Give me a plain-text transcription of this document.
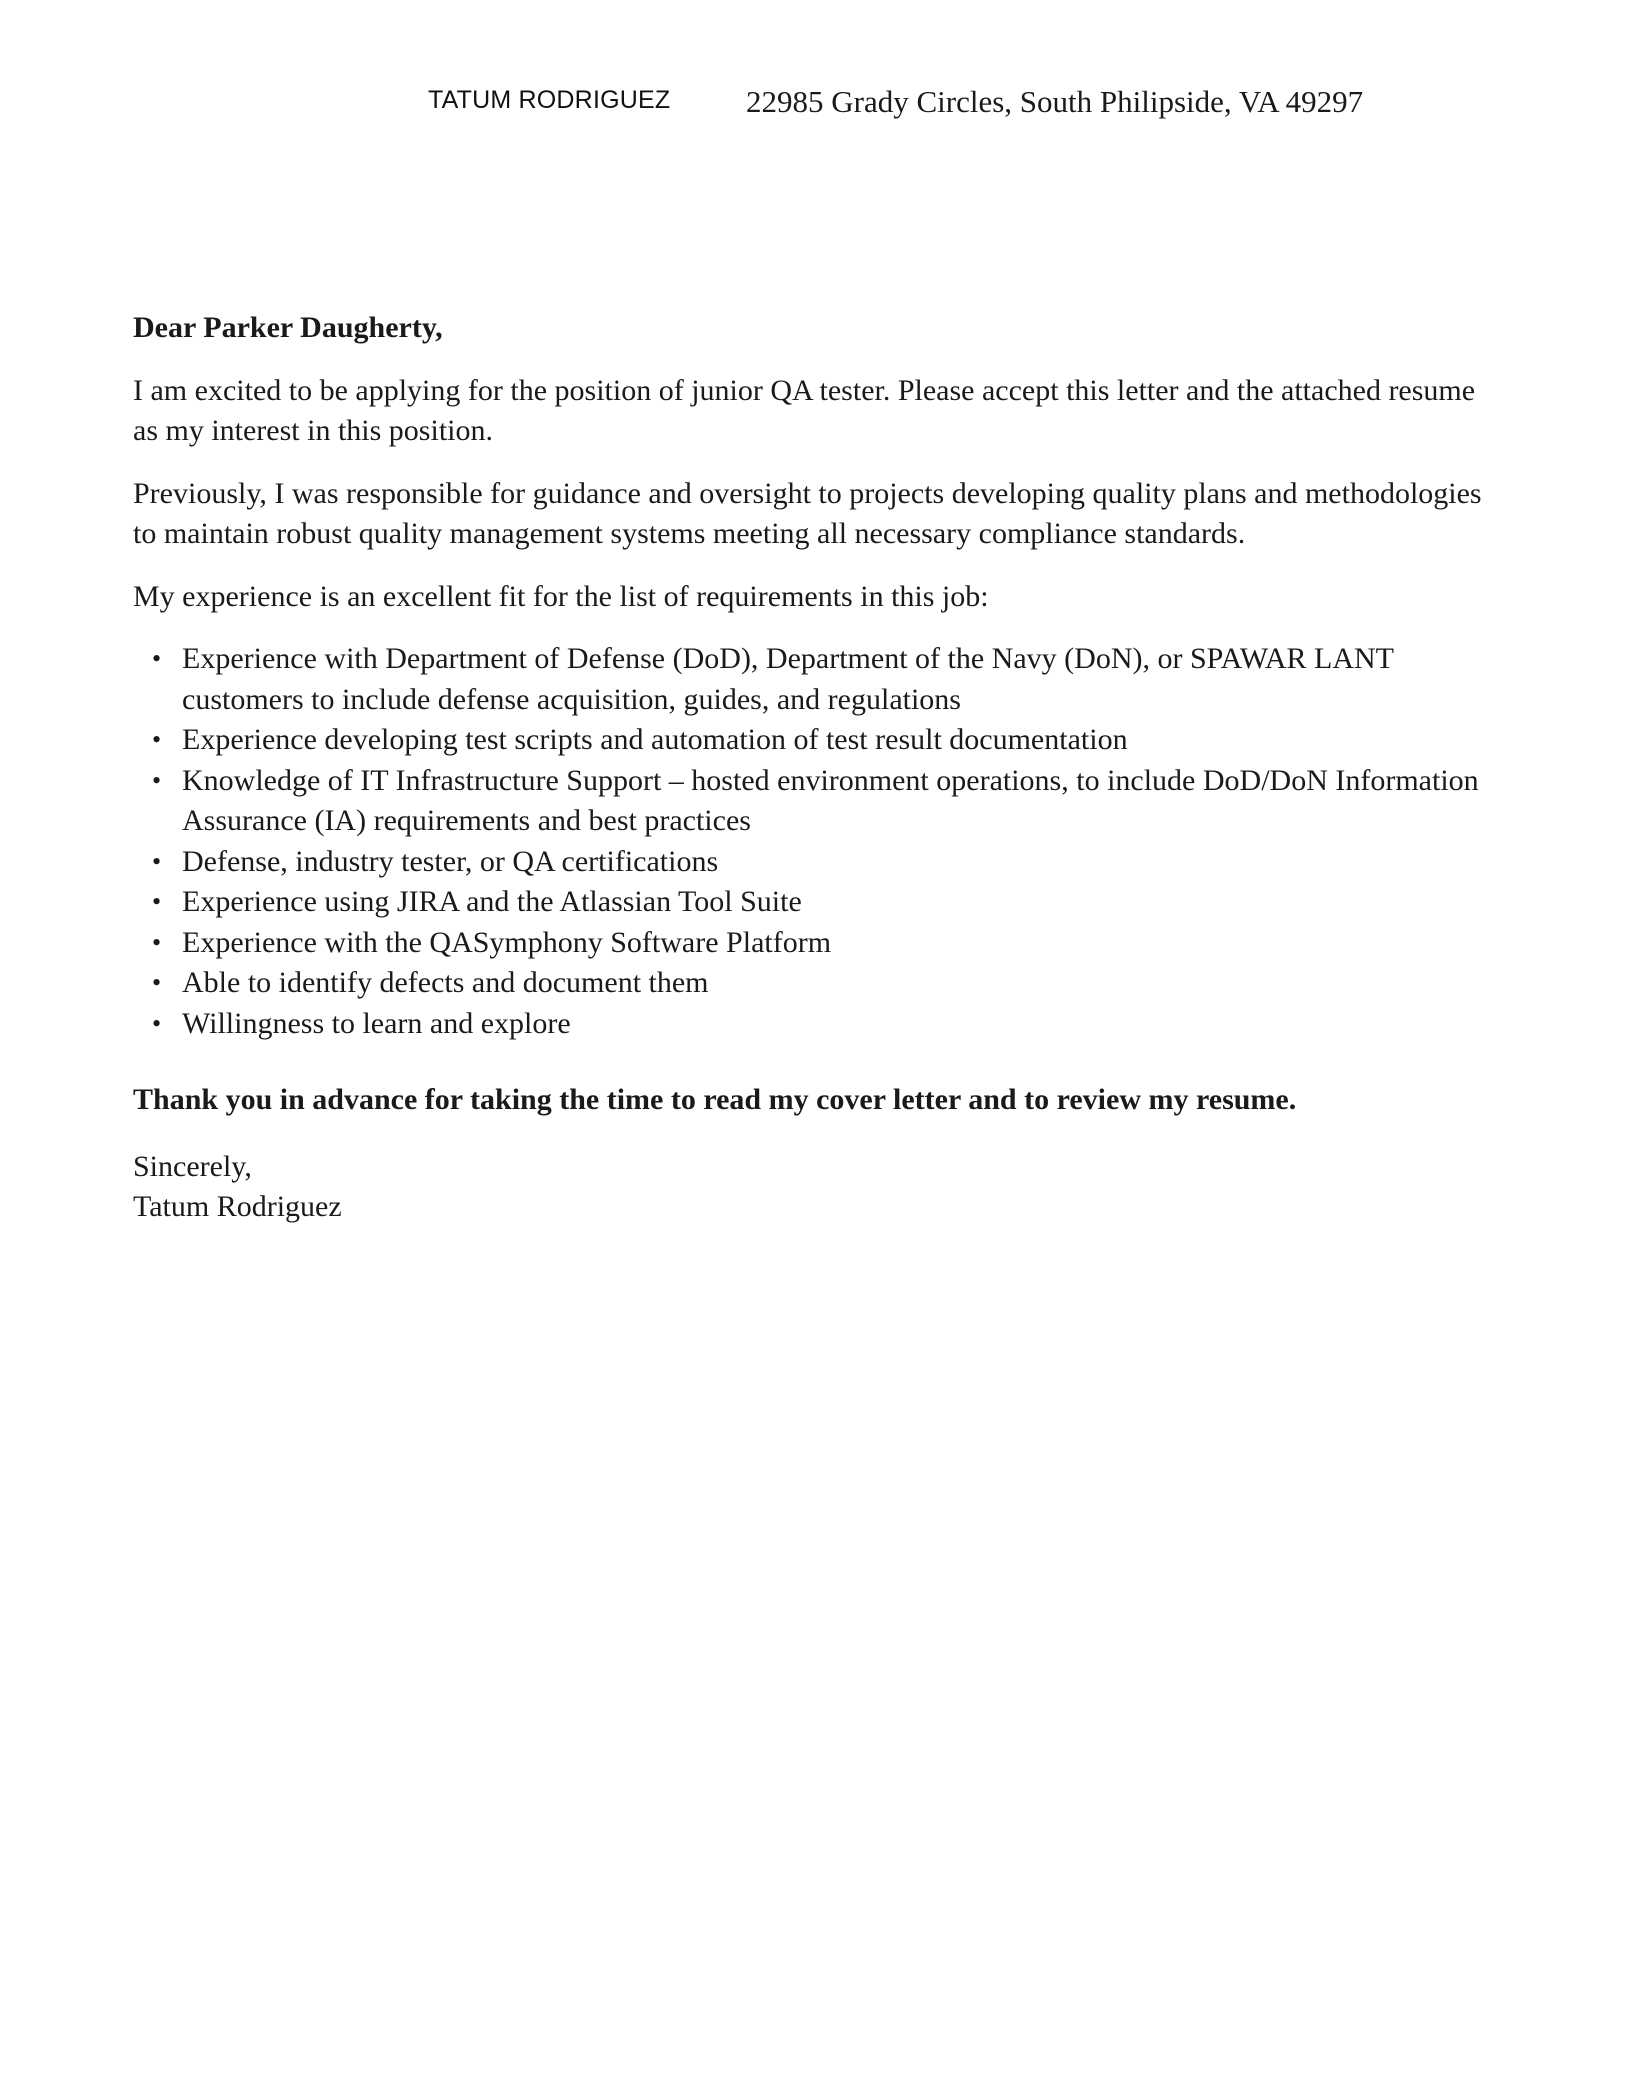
TATUM RODRIGUEZ 22985 Grady Circles, South Philipside, VA 49297

Dear Parker Daugherty,

I am excited to be applying for the position of junior QA tester. Please accept this letter and the attached resume as my interest in this position.

Previously, I was responsible for guidance and oversight to projects developing quality plans and methodologies to maintain robust quality management systems meeting all necessary compliance standards.

My experience is an excellent fit for the list of requirements in this job:

• Experience with Department of Defense (DoD), Department of the Navy (DoN), or SPAWAR LANT customers to include defense acquisition, guides, and regulations
• Experience developing test scripts and automation of test result documentation
• Knowledge of IT Infrastructure Support – hosted environment operations, to include DoD/DoN Information Assurance (IA) requirements and best practices
• Defense, industry tester, or QA certifications
• Experience using JIRA and the Atlassian Tool Suite
• Experience with the QASymphony Software Platform
• Able to identify defects and document them
• Willingness to learn and explore

Thank you in advance for taking the time to read my cover letter and to review my resume.

Sincerely,
Tatum Rodriguez
